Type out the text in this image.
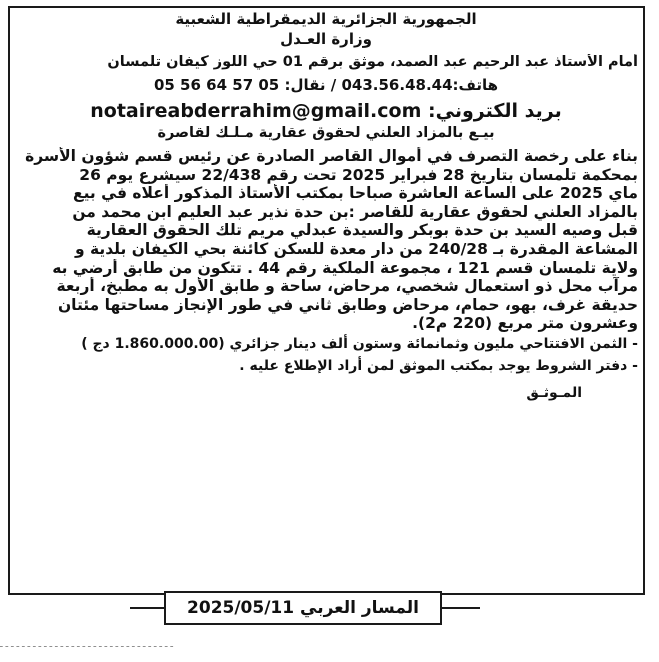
الجمهورية الجزائرية الديمقراطية الشعبية
وزارة العـدل
أمام الأستاذ عبد الرحيم عبد الصمد، موثق برقم 01 حي اللوز كيفان تلمسان
هاتف:043.56.48.44 / نقال: 05 57 64 56 05
بريد الكتروني: notaireabderrahim@gmail.com
بيـع بالمزاد العلني لحقوق عقارية مـلـك لقاصرة
بناء على رخصة التصرف في أموال القاصر الصادرة عن رئيس قسم شؤون الأسرة
بمحكمة تلمسان بتاريخ 28 فبراير 2025 تحت رقم 22/438 سيشرع يوم 26
ماي 2025 على الساعة العاشرة صباحا بمكتب الأستاذ المذكور أعلاه في بيع
بالمزاد العلني لحقوق عقارية للقاصر :بن حدة نذير عبد العليم ابن محمد من
قبل وصيه السيد بن حدة بوبكر والسيدة عبدلي مريم تلك الحقوق العقارية
المشاعة المقدرة بـ 240/28 من دار معدة للسكن كائنة بحي الكيفان بلدية و
ولاية تلمسان قسم 121 ، مجموعة الملكية رقم 44 . تتكون من طابق أرضي به
مرآب محل ذو استعمال شخصي، مرحاض، ساحة و طابق الأول به مطبخ، أربعة
حديقة غرف، بهو، حمام، مرحاض وطابق ثاني في طور الإنجاز مساحتها مئتان
وعشرون متر مربع (220 م2).
- الثمن الافتتاحي مليون وثمانمائة وستون ألف دينار جزائري (1.860.000.00 دج )
- دفتر الشروط يوجد بمكتب الموثق لمن أراد الإطلاع عليه .
المـوثـق
المسار العربي 2025/05/11
ـ ـ ـ ـ ـ ـ ـ ـ ـ ـ ـ ـ ـ ـ ـ ـ ـ ـ ـ ـ ـ ـ ـ ـ ـ ـ ـ ـ ـ ـ ـ ـ
